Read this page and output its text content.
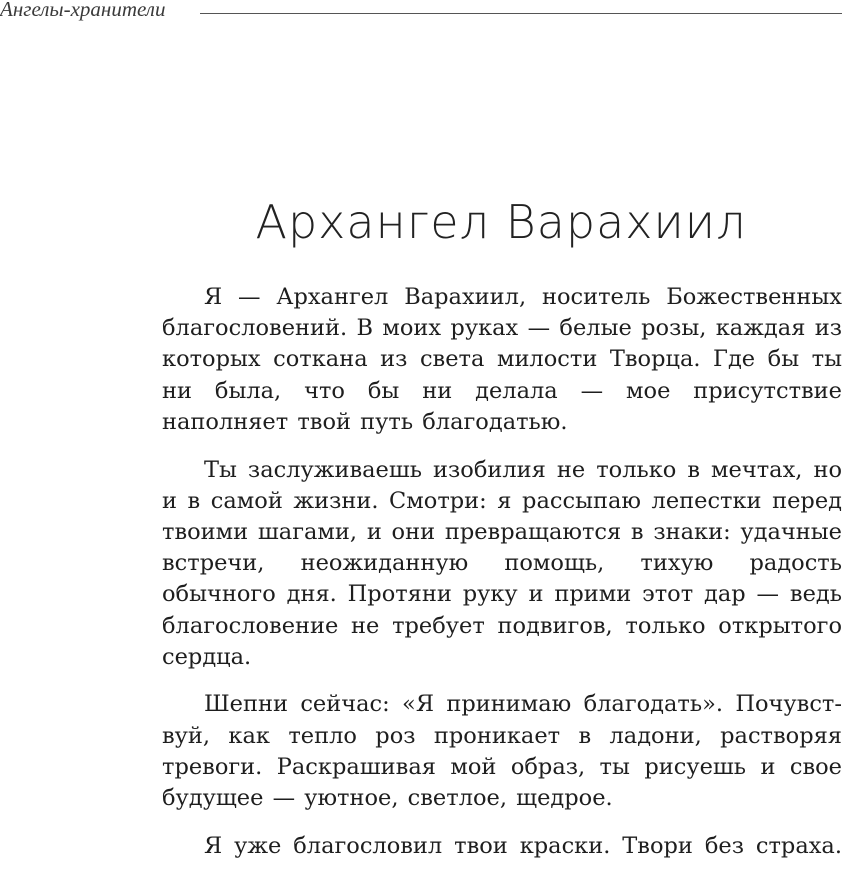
Ангелы-хранители
Архангел Варахиил

Я — Архангел Варахиил, носитель Божественных благословений. В моих руках — белые розы, каждая из которых соткана из света милости Творца. Где бы ты ни была, что бы ни делала — мое присутствие наполняет твой путь благодатью.

Ты заслуживаешь изобилия не только в мечтах, но и в самой жизни. Смотри: я рассыпаю лепестки перед твоими шагами, и они превращаются в знаки: удачные встречи, неожиданную помощь, тихую радость обычного дня. Протяни руку и прими этот дар — ведь благословение не требует подвигов, только открытого сердца.

Шепни сейчас: «Я принимаю благодать». Почувствуй, как тепло роз проникает в ладони, растворяя тревоги. Раскрашивая мой образ, ты рисуешь и свое будущее — уютное, светлое, щедрое.

Я уже благословил твои краски. Твори без страха.
